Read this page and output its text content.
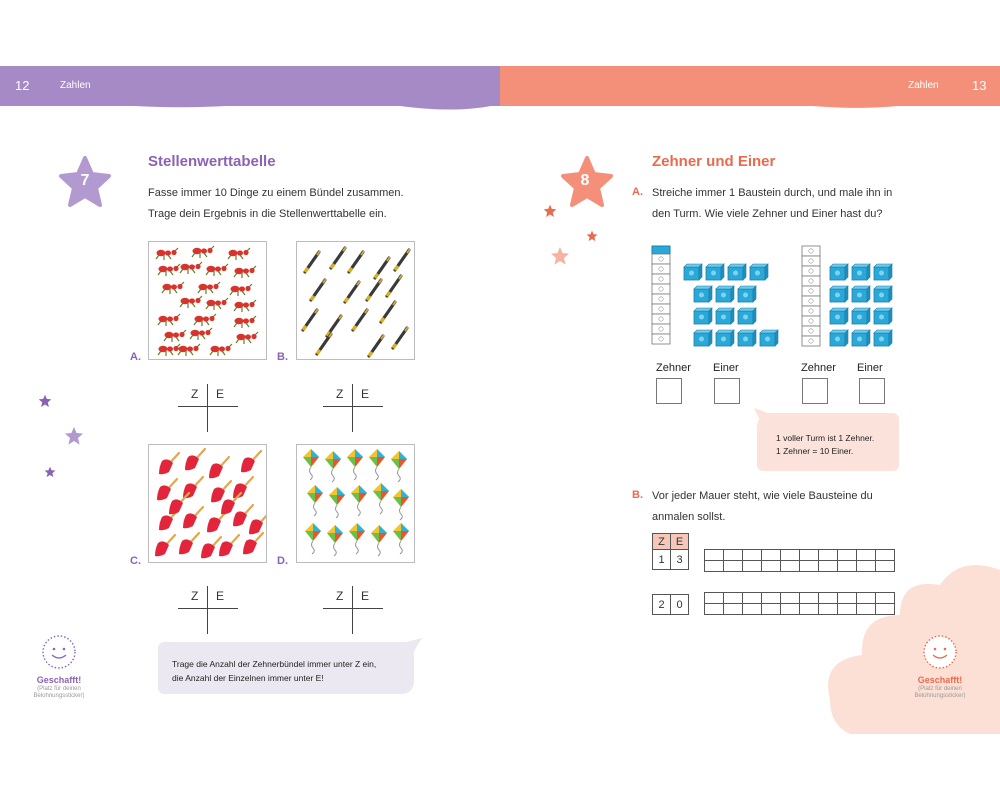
12	Zahlen	Zahlen	13
7
Stellenwerttabelle
Fasse immer 10 Dinge zu einem Bündel zusammen.
Trage dein Ergebnis in die Stellenwerttabelle ein.
A.
Z E
B.
Z E
C.
Z E
D.
Z E
Trage die Anzahl der Zehnerbündel immer unter Z ein,
die Anzahl der Einzelnen immer unter E!
Geschafft!
(Platz für deinen
Belohnungssticker)
8
Zehner und Einer
A. Streiche immer 1 Baustein durch, und male ihn in
den Turm. Wie viele Zehner und Einer hast du?
Zehner Einer	Zehner Einer
1 voller Turm ist 1 Zehner.
1 Zehner = 10 Einer.
B. Vor jeder Mauer steht, wie viele Bausteine du
anmalen sollst.
Z	E
1	3
2	0
Geschafft!
(Platz für deinen
Belohnungssticker)
